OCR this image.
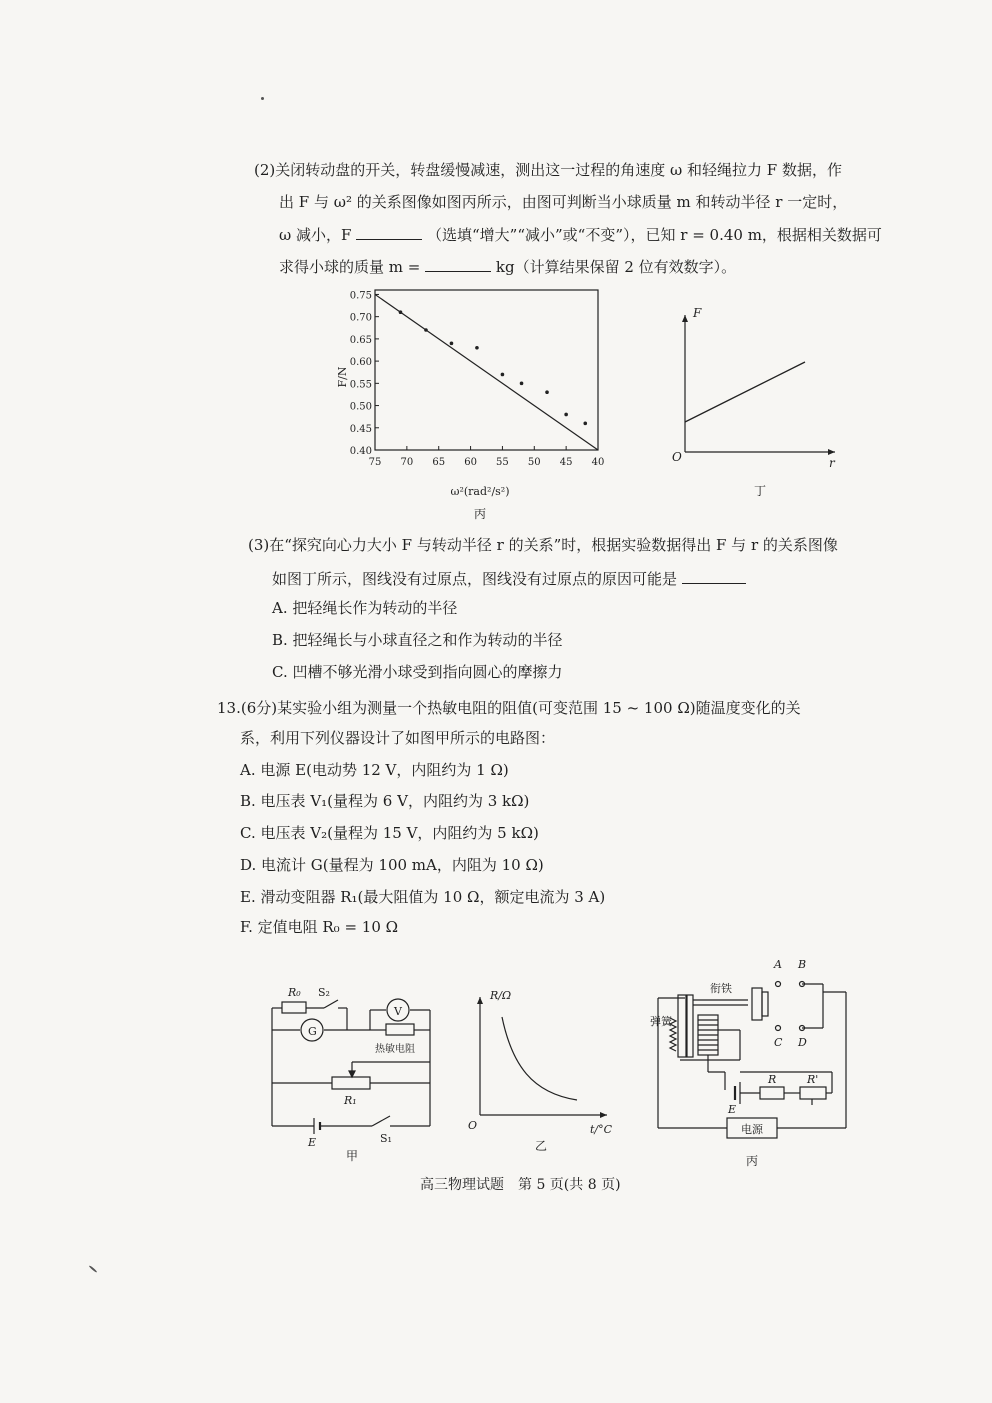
(2)关闭转动盘的开关，转盘缓慢减速，测出这一过程的角速度 ω 和轻绳拉力 F 数据，作
出 F 与 ω² 的关系图像如图丙所示，由图可判断当小球质量 m 和转动半径 r 一定时，
ω 减小，F	（选填“增大”“减小”或“不变”），已知 r = 0.40 m，根据相关数据可
求得小球的质量 m =	kg（计算结果保留 2 位有效数字）。
0.75
0.70
0.65
0.60
0.55
0.50
0.45
0.40
75 70 65 60 55 50 45 40
F/N
ω²(rad²/s²)
丙
F
r
O
丁
(3)在“探究向心力大小 F 与转动半径 r 的关系”时，根据实验数据得出 F 与 r 的关系图像
如图丁所示，图线没有过原点，图线没有过原点的原因可能是
A. 把轻绳长作为转动的半径
B. 把轻绳长与小球直径之和作为转动的半径
C. 凹槽不够光滑小球受到指向圆心的摩擦力
13.(6分)某实验小组为测量一个热敏电阻的阻值(可变范围 15 ~ 100 Ω)随温度变化的关
系，利用下列仪器设计了如图甲所示的电路图：
A. 电源 E(电动势 12 V，内阻约为 1 Ω)
B. 电压表 V₁(量程为 6 V，内阻约为 3 kΩ)
C. 电压表 V₂(量程为 15 V，内阻约为 5 kΩ)
D. 电流计 G(量程为 100 mA，内阻为 10 Ω)
E. 滑动变阻器 R₁(最大阻值为 10 Ω，额定电流为 3 A)
F. 定值电阻 R₀ = 10 Ω
R₀ S₂
G
V
热敏电阻
R₁
E	S₁
甲
R/Ω
t/°C
O
乙
衔铁
弹簧
A B
C D
R	R'
E
电源
丙
高三物理试题　第 5 页(共 8 页)
